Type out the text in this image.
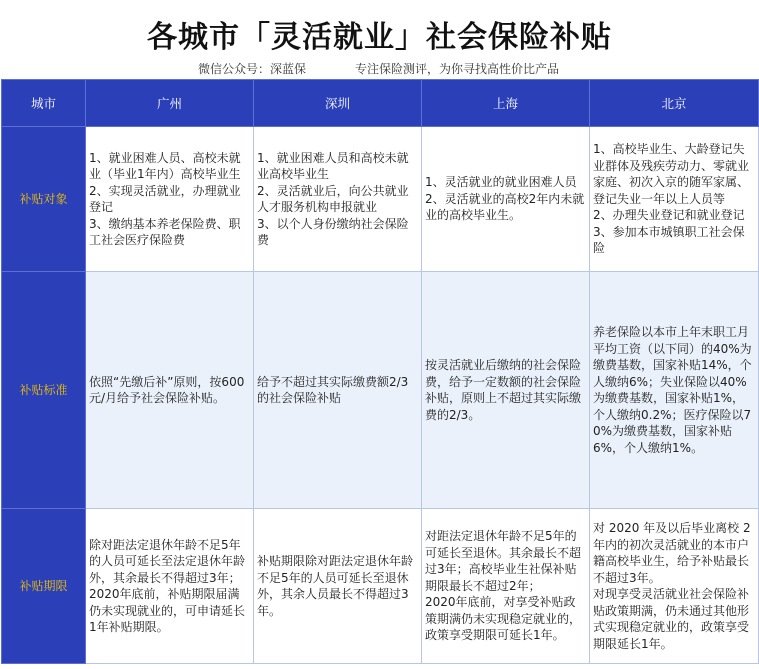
各城市「灵活就业」社会保险补贴
微信公众号：深蓝保	专注保险测评，为你寻找高性价比产品
城市	广州	深圳	上海	北京
补贴对象	1、就业困难人员、高校未就业（毕业1年内）高校毕业生
2、实现灵活就业，办理就业登记
3、缴纳基本养老保险费、职工社会医疗保险费	1、就业困难人员和高校未就业高校毕业生
2、灵活就业后，向公共就业人才服务机构申报就业
3、以个人身份缴纳社会保险费	1、灵活就业的就业困难人员
2、灵活就业的高校2年内未就业的高校毕业生。	1、高校毕业生、大龄登记失业群体及残疾劳动力、零就业家庭、初次入京的随军家属、登记失业一年以上人员等
2、办理失业登记和就业登记
3、参加本市城镇职工社会保险
补贴标准	依照“先缴后补”原则，按600元/月给予社会保险补贴。	给予不超过其实际缴费额2/3的社会保险补贴	按灵活就业后缴纳的社会保险费，给予一定数额的社会保险补贴，原则上不超过其实际缴费的2/3。	养老保险以本市上年末职工月平均工资（以下同）的40%为缴费基数，国家补贴14%，个人缴纳6%；失业保险以40%为缴费基数，国家补贴1%，个人缴纳0.2%；医疗保险以70%为缴费基数，国家补贴6%，个人缴纳1%。
补贴期限	除对距法定退休年龄不足5年的人员可延长至法定退休年龄外，其余最长不得超过3年；
2020年底前，补贴期限届满仍未实现就业的，可申请延长1年补贴期限。	补贴期限除对距法定退休年龄不足5年的人员可延长至退休外，其余人员最长不得超过3年。	对距法定退休年龄不足5年的可延长至退休。其余最长不超过3年；高校毕业生社保补贴期限最长不超过2年；
2020年底前，对享受补贴政策期满仍未实现稳定就业的，政策享受期限可延长1年。	对 2020 年及以后毕业离校 2年内的初次灵活就业的本市户籍高校毕业生，给予补贴最长不超过3年。
对现享受灵活就业社会保险补贴政策期满，仍未通过其他形式实现稳定就业的，政策享受期限延长1年。
